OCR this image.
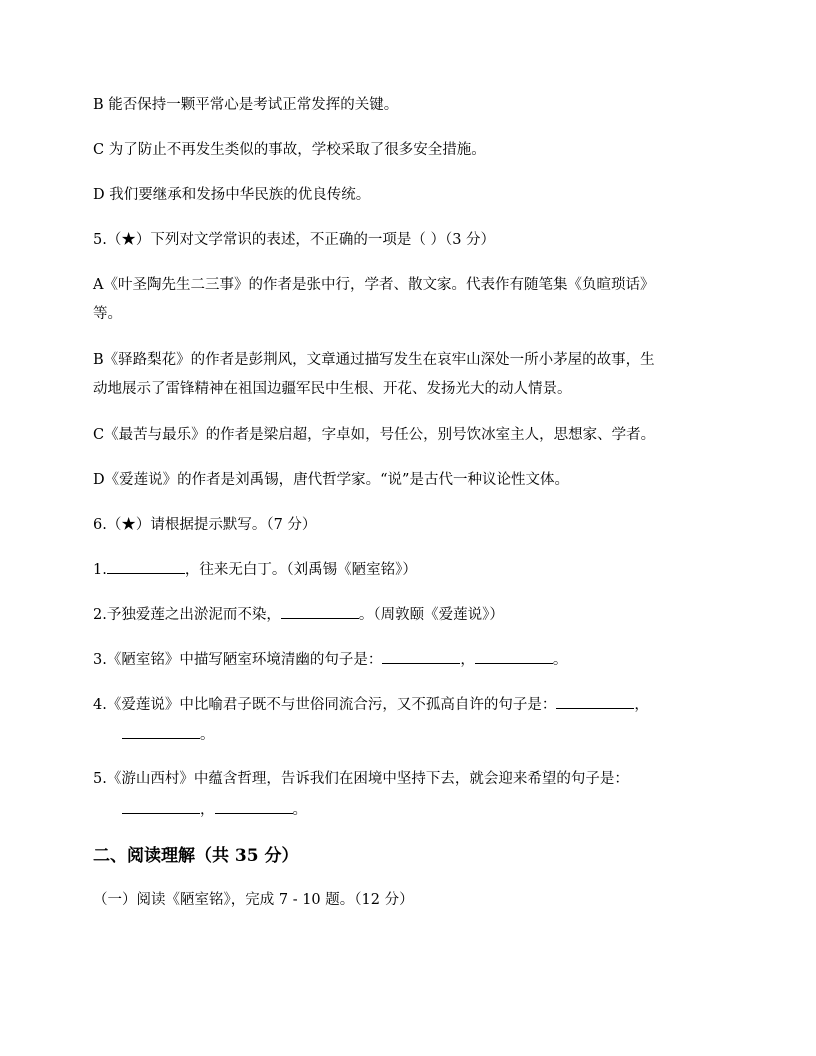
B 能否保持一颗平常心是考试正常发挥的关键。
C 为了防止不再发生类似的事故，学校采取了很多安全措施。
D 我们要继承和发扬中华民族的优良传统。
5.（★）下列对文学常识的表述，不正确的一项是（ ）（3 分）
A《叶圣陶先生二三事》的作者是张中行，学者、散文家。代表作有随笔集《负暄琐话》
等。
B《驿路梨花》的作者是彭荆风，文章通过描写发生在哀牢山深处一所小茅屋的故事，生
动地展示了雷锋精神在祖国边疆军民中生根、开花、发扬光大的动人情景。
C《最苦与最乐》的作者是梁启超，字卓如，号任公，别号饮冰室主人，思想家、学者。
D《爱莲说》的作者是刘禹锡，唐代哲学家。“说”是古代一种议论性文体。
6.（★）请根据提示默写。（7 分）
1.	，往来无白丁。（刘禹锡《陋室铭》）
2.予独爱莲之出淤泥而不染，	。（周敦颐《爱莲说》）
3.《陋室铭》中描写陋室环境清幽的句子是：	，	。
4.《爱莲说》中比喻君子既不与世俗同流合污，又不孤高自许的句子是：	，
。
5.《游山西村》中蕴含哲理，告诉我们在困境中坚持下去，就会迎来希望的句子是：
，	。
二、阅读理解（共 35 分）
（一）阅读《陋室铭》，完成 7 - 10 题。（12 分）
